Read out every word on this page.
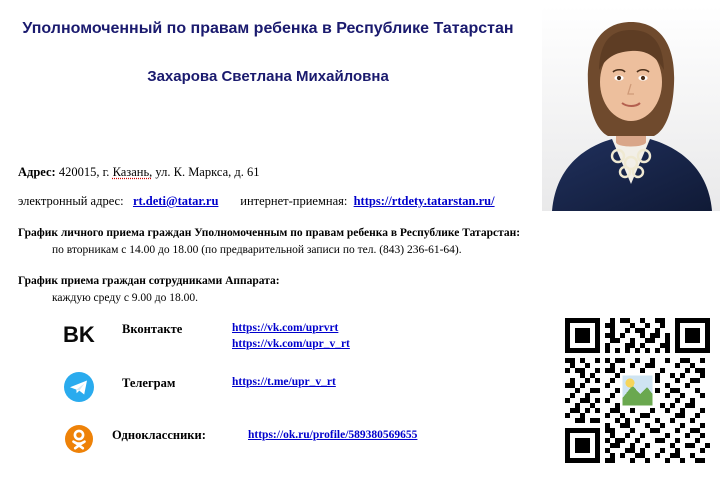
Уполномоченный по правам ребенка в Республике Татарстан
Захарова Светлана Михайловна
Адрес: 420015, г. Казань, ул. К. Маркса, д. 61
электронный адрес: rt.deti@tatar.ru интернет-приемная: https://rtdety.tatarstan.ru/

График личного приема граждан Уполномоченным по правам ребенка в Республике Татарстан:

по вторникам с 14.00 до 18.00 (по предварительной записи по тел. (843) 236-61-64).

График приема граждан сотрудниками Аппарата:

каждую среду с 9.00 до 18.00.

BK	Вконтакте	https://vk.com/uprvrt
https://vk.com/upr_v_rt
Телеграм	https://t.me/upr_v_rt
Одноклассники:	https://ok.ru/profile/589380569655
